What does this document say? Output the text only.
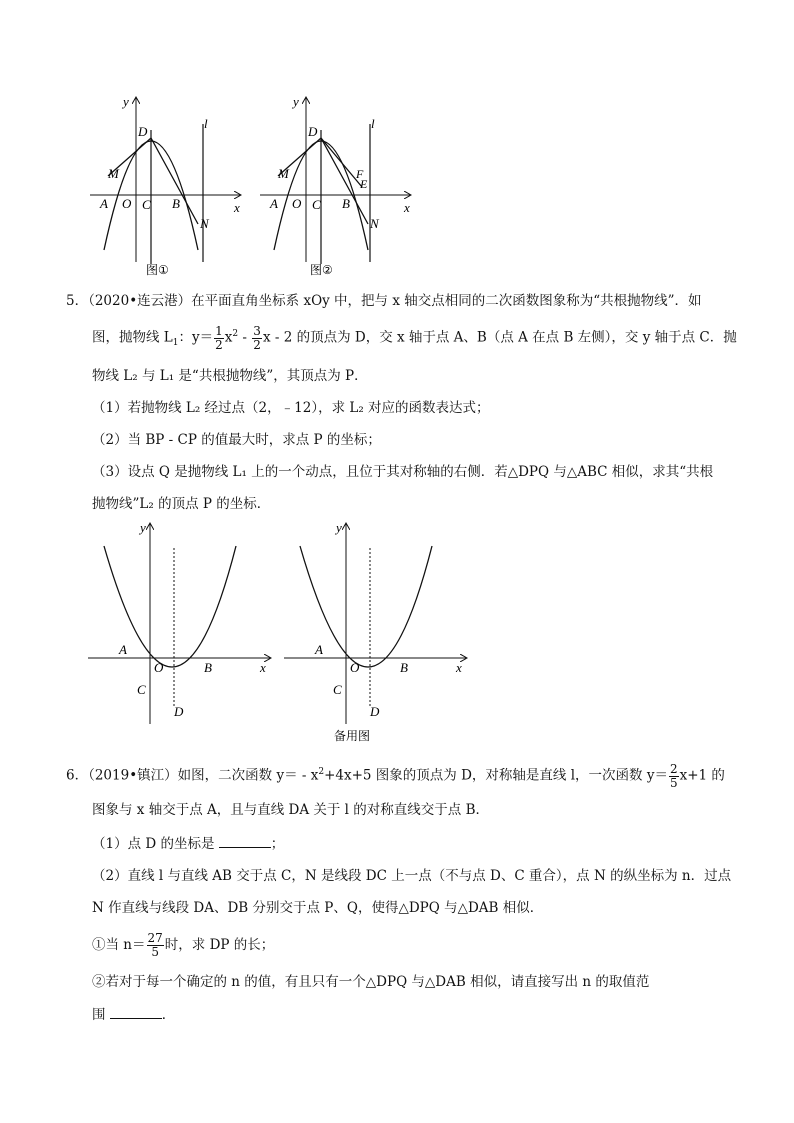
y
x
l
D
M
A O C B
N
图①
y
x
l
D
M
A O C B
F
E
N
图②
5．（2020•连云港）在平面直角坐标系 xOy 中，把与 x 轴交点相同的二次函数图象称为“共根抛物线”．如
图，抛物线 $L_1$：$y= \frac{1}{2} x^2 - \frac{3}{2}$ x - 2 的顶点为 D，交 x 轴于点 A、B（点 A 在点 B 左侧），交 y 轴于点 C．抛
物线 L₂ 与 L₁ 是“共根抛物线”，其顶点为 P．
（1）若抛物线 L₂ 经过点（2，﹣12），求 L₂ 对应的函数表达式；
（2）当 BP - CP 的值最大时，求点 P 的坐标；
（3）设点 Q 是抛物线 L₁ 上的一个动点，且位于其对称轴的右侧．若△DPQ 与△ABC 相似，求其“共根
抛物线”L₂ 的顶点 P 的坐标．
y
x
A
O	B
C
D
y
x
A
O	B
C
D
备用图
6．（2019•镇江）如图，二次函数 $y= - x^2+4x+5$ 图象的顶点为 D，对称轴是直线 l，一次函数 $y= \frac{2}{5} x+1$ 的
图象与 x 轴交于点 A，且与直线 DA 关于 l 的对称直线交于点 B．
（1）点 D 的坐标是	；
（2）直线 l 与直线 AB 交于点 C，N 是线段 DC 上一点（不与点 D、C 重合），点 N 的纵坐标为 n．过点
N 作直线与线段 DA、DB 分别交于点 P、Q，使得△DPQ 与△DAB 相似．
①当 $n= \frac{27}{5}$ 时，求 DP 的长；
②若对于每一个确定的 n 的值，有且只有一个△DPQ 与△DAB 相似，请直接写出 n 的取值范
围	．
